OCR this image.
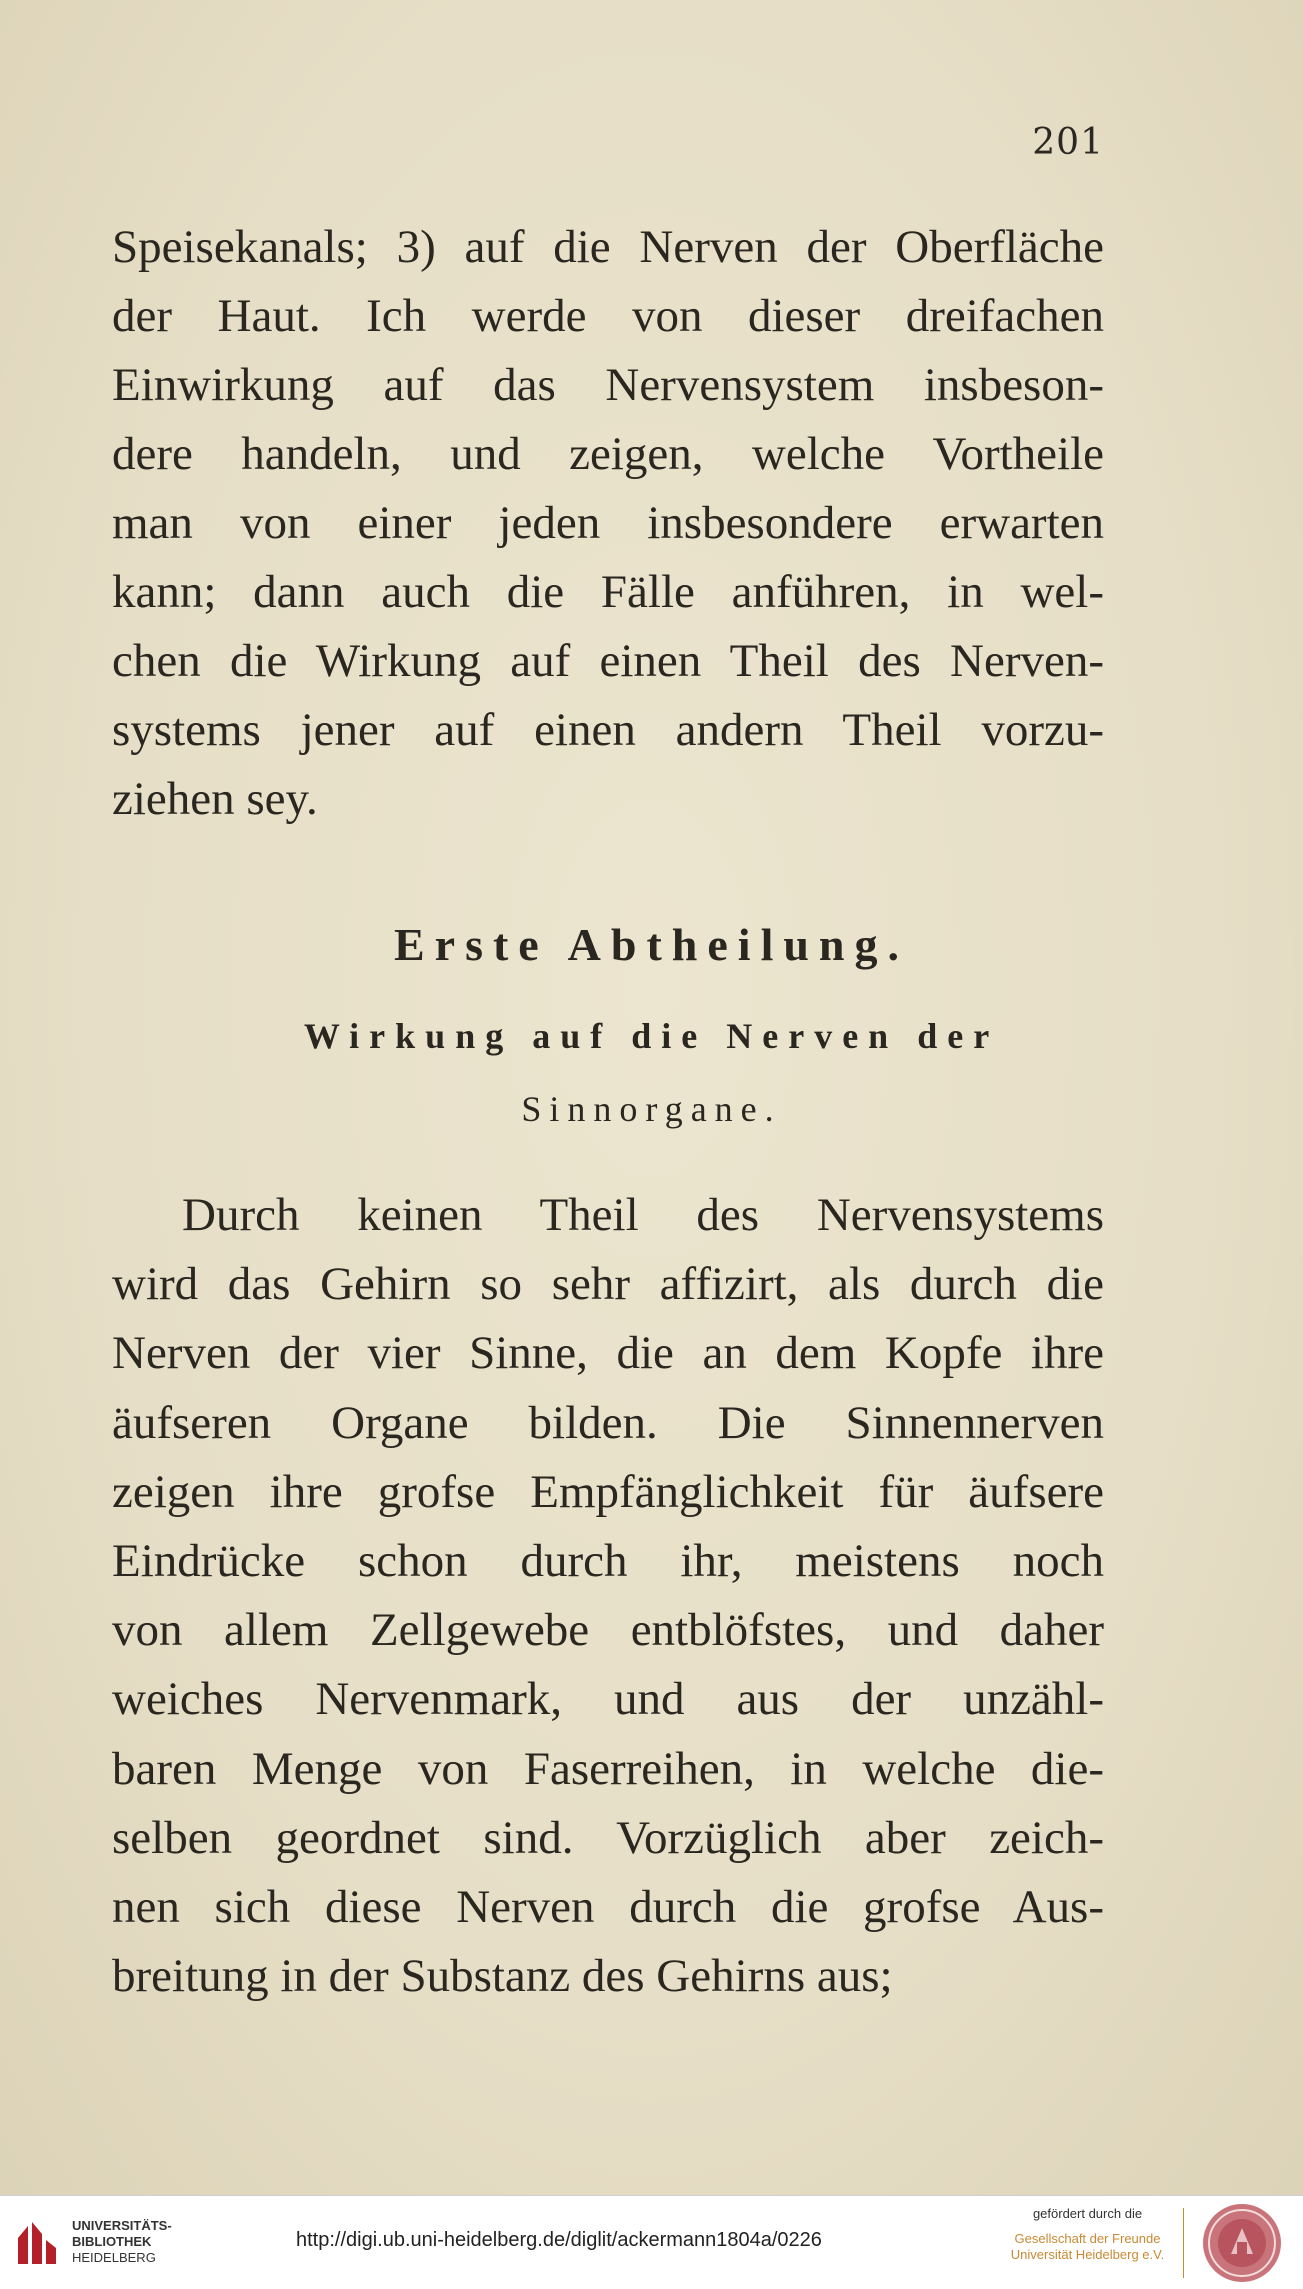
201
Speisekanals; 3) auf die Nerven der Oberfläche
der Haut. Ich werde von dieser dreifachen
Einwirkung auf das Nervensystem insbeson-
dere handeln, und zeigen, welche Vortheile
man von einer jeden insbesondere erwarten
kann; dann auch die Fälle anführen, in wel-
chen die Wirkung auf einen Theil des Nerven-
systems jener auf einen andern Theil vorzu-
ziehen sey.
Erste Abtheilung.
Wirkung auf die Nerven der
Sinnorgane.
Durch keinen Theil des Nervensystems
wird das Gehirn so sehr affizirt, als durch die
Nerven der vier Sinne, die an dem Kopfe ihre
äufseren Organe bilden. Die Sinnennerven
zeigen ihre grofse Empfänglichkeit für äufsere
Eindrücke schon durch ihr, meistens noch
von allem Zellgewebe entblöfstes, und daher
weiches Nervenmark, und aus der unzähl-
baren Menge von Faserreihen, in welche die-
selben geordnet sind. Vorzüglich aber zeich-
nen sich diese Nerven durch die grofse Aus-
breitung in der Substanz des Gehirns aus;
UNIVERSITÄTS-
BIBLIOTHEK
HEIDELBERG
http://digi.ub.uni-heidelberg.de/diglit/ackermann1804a/0226
gefördert durch die
Gesellschaft der Freunde
Universität Heidelberg e.V.
